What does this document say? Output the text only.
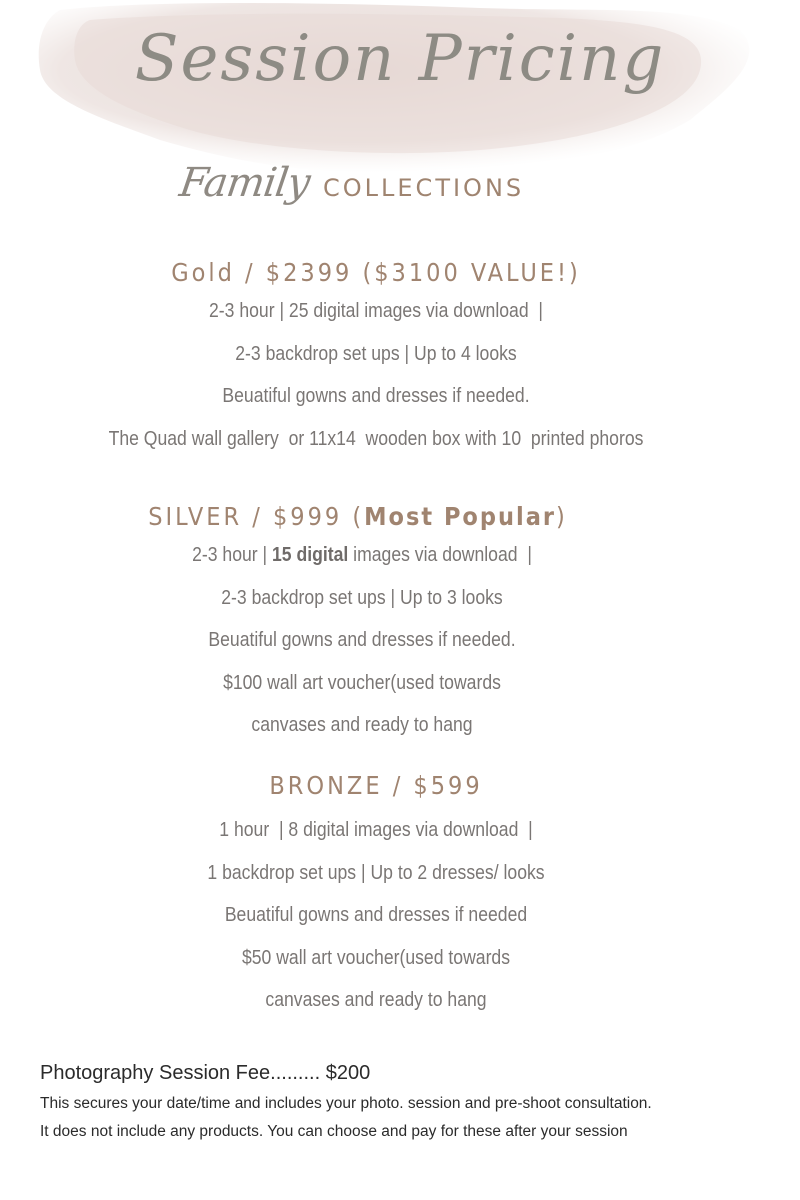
Session Pricing
Family COLLECTIONS
Gold / $2399 ($3100 VALUE!)

2-3 hour | 25 digital images via download  |

2-3 backdrop set ups | Up to 4 looks

Beuatiful gowns and dresses if needed.

The Quad wall gallery  or 11x14  wooden box with 10  printed phoros

SILVER / $999 (Most Popular)

2-3 hour | 15 digital images via download  |

2-3 backdrop set ups | Up to 3 looks

Beuatiful gowns and dresses if needed.

$100 wall art voucher(used towards

canvases and ready to hang

BRONZE / $599

1 hour  | 8 digital images via download  |

1 backdrop set ups | Up to 2 dresses/ looks

Beuatiful gowns and dresses if needed

$50 wall art voucher(used towards

canvases and ready to hang

Photography Session Fee......... $200

This secures your date/time and includes your photo. session and pre-shoot consultation.

It does not include any products. You can choose and pay for these after your session
